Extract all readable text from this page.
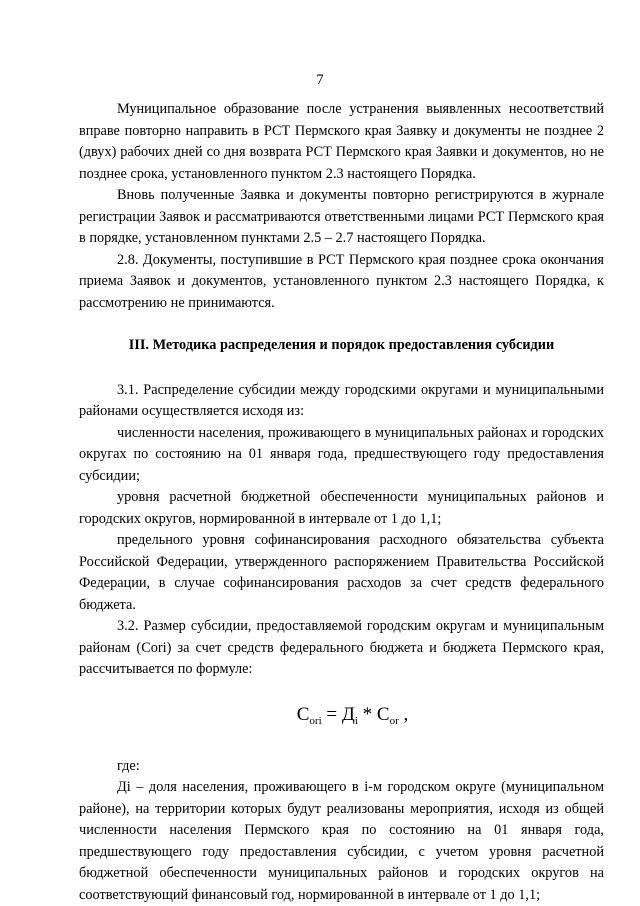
7

Муниципальное образование после устранения выявленных несоответствий вправе повторно направить в РСТ Пермского края Заявку и документы не позднее 2 (двух) рабочих дней со дня возврата РСТ Пермского края Заявки и документов, но не позднее срока, установленного пунктом 2.3 настоящего Порядка.

Вновь полученные Заявка и документы повторно регистрируются в журнале регистрации Заявок и рассматриваются ответственными лицами РСТ Пермского края в порядке, установленном пунктами 2.5 – 2.7 настоящего Порядка.

2.8. Документы, поступившие в РСТ Пермского края позднее срока окончания приема Заявок и документов, установленного пунктом 2.3 настоящего Порядка, к рассмотрению не принимаются.

III. Методика распределения и порядок предоставления субсидии

3.1. Распределение субсидии между городскими округами и муниципальными районами осуществляется исходя из:

численности населения, проживающего в муниципальных районах и городских округах по состоянию на 01 января года, предшествующего году предоставления субсидии;

уровня расчетной бюджетной обеспеченности муниципальных районов и городских округов, нормированной в интервале от 1 до 1,1;

предельного уровня софинансирования расходного обязательства субъекта Российской Федерации, утвержденного распоряжением Правительства Российской Федерации, в случае софинансирования расходов за счет средств федерального бюджета.

3.2. Размер субсидии, предоставляемой городским округам и муниципальным районам (Cori) за счет средств федерального бюджета и бюджета Пермского края, рассчитывается по формуле:

$C_{ori} = Д_i * C_{or}$ ,

где:

Дi – доля населения, проживающего в i-м городском округе (муниципальном районе), на территории которых будут реализованы мероприятия, исходя из общей численности населения Пермского края по состоянию на 01 января года, предшествующего году предоставления субсидии, с учетом уровня расчетной бюджетной обеспеченности муниципальных районов и городских округов на соответствующий финансовый год, нормированной в интервале от 1 до 1,1;
